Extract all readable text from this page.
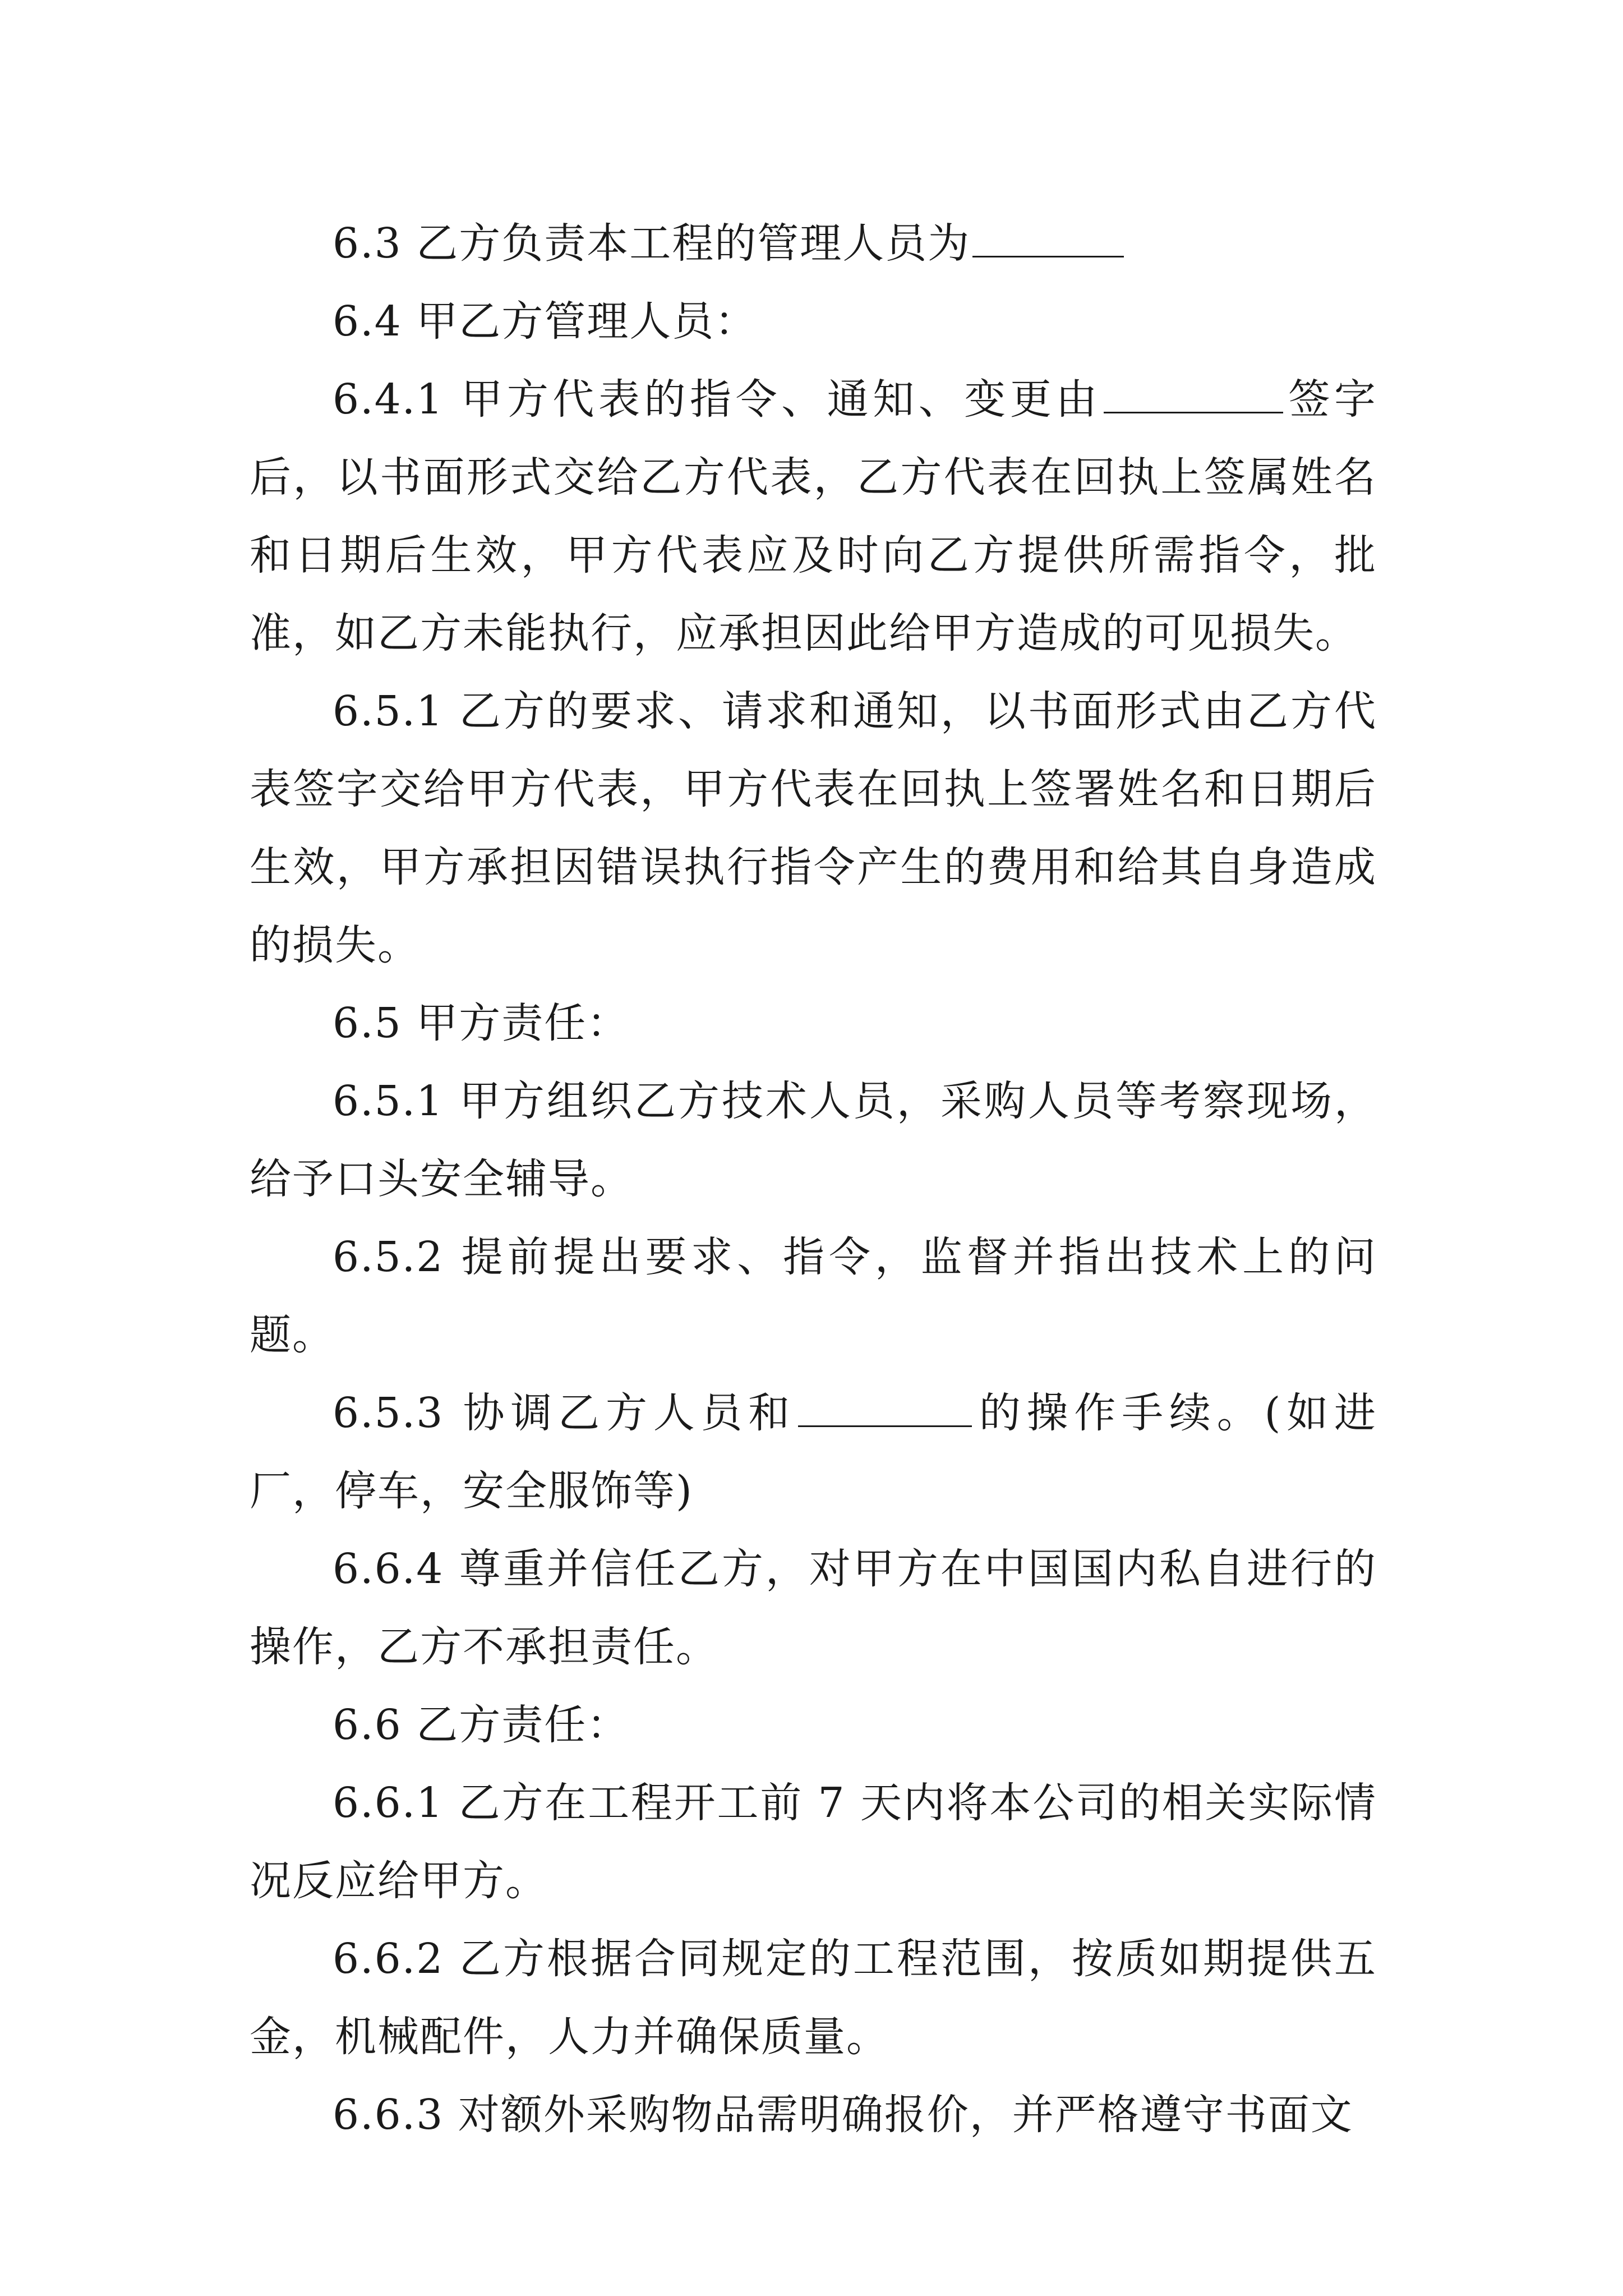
6.3 乙方负责本工程的管理人员为

6.4 甲乙方管理人员：

6.4.1 甲方代表的指令、通知、变更由	签字后，以书面形式交给乙方代表，乙方代表在回执上签属姓名和日期后生效，甲方代表应及时向乙方提供所需指令，批准，如乙方未能执行，应承担因此给甲方造成的可见损失。

6.5.1 乙方的要求、请求和通知，以书面形式由乙方代表签字交给甲方代表，甲方代表在回执上签署姓名和日期后生效，甲方承担因错误执行指令产生的费用和给其自身造成的损失。

6.5 甲方责任：

6.5.1 甲方组织乙方技术人员，采购人员等考察现场，给予口头安全辅导。

6.5.2 提前提出要求、指令，监督并指出技术上的问题。

6.5.3 协调乙方人员和	的操作手续。(如进厂，停车，安全服饰等)

6.6.4 尊重并信任乙方，对甲方在中国国内私自进行的操作，乙方不承担责任。

6.6 乙方责任：

6.6.1 乙方在工程开工前 7 天内将本公司的相关实际情况反应给甲方。

6.6.2 乙方根据合同规定的工程范围，按质如期提供五金，机械配件，人力并确保质量。

6.6.3 对额外采购物品需明确报价，并严格遵守书面文
